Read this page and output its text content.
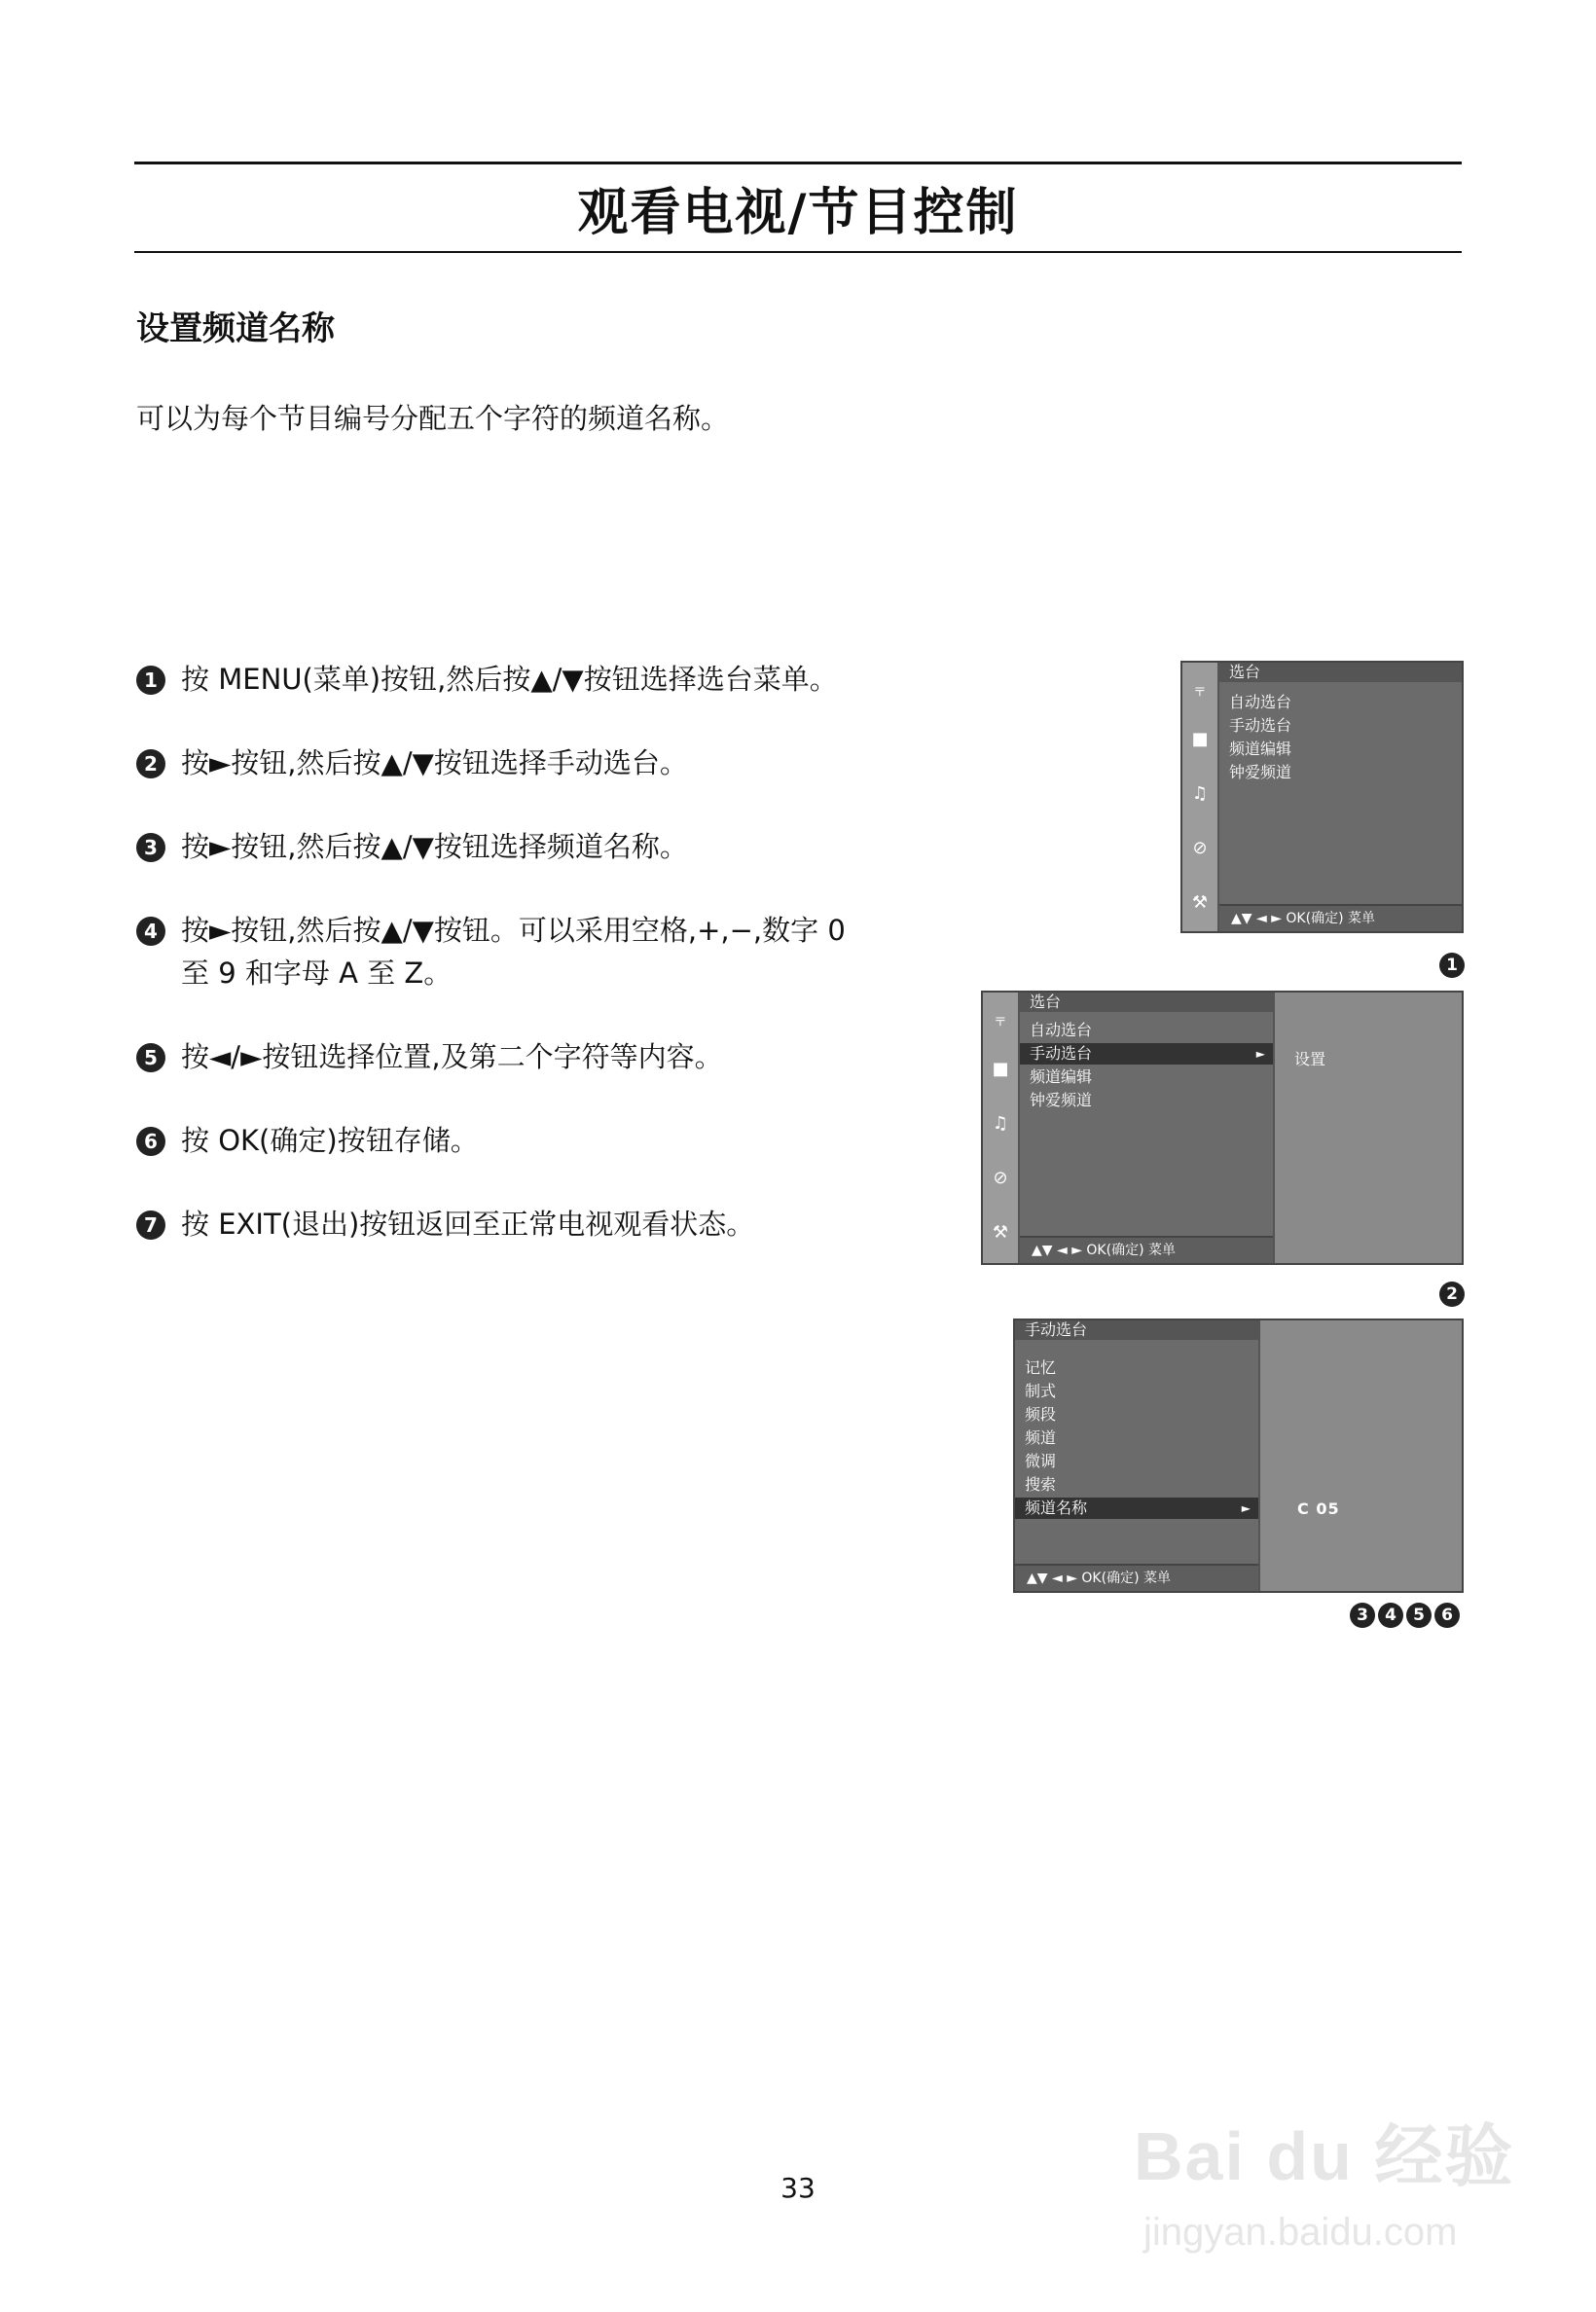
观看电视/节目控制
设置频道名称
可以为每个节目编号分配五个字符的频道名称。
1 按 MENU(菜单)按钮,然后按▲/▼按钮选择选台菜单。
2 按►按钮,然后按▲/▼按钮选择手动选台。
3 按►按钮,然后按▲/▼按钮选择频道名称。
4 按►按钮,然后按▲/▼按钮。可以采用空格,+,−,数字 0
至 9 和字母 A 至 Z。
5 按◄/►按钮选择位置,及第二个字符等内容。
6 按 OK(确定)按钮存储。
7 按 EXIT(退出)按钮返回至正常电视观看状态。
⫧
■
♫
⊘
⚒
选台
自动选台
手动选台
频道编辑
钟爱频道
▲▼ ◄ ► OK(确定) 菜单
1
⫧
■
♫
⊘
⚒
选台
自动选台
手动选台	►
频道编辑
钟爱频道
▲▼ ◄ ► OK(确定) 菜单
设置
2
手动选台
记忆
制式
频段
频道
微调
搜索
频道名称	►
▲▼ ◄ ► OK(确定) 菜单
C 05
3 4 5 6
33	Bai du 经验
jingyan.baidu.com
